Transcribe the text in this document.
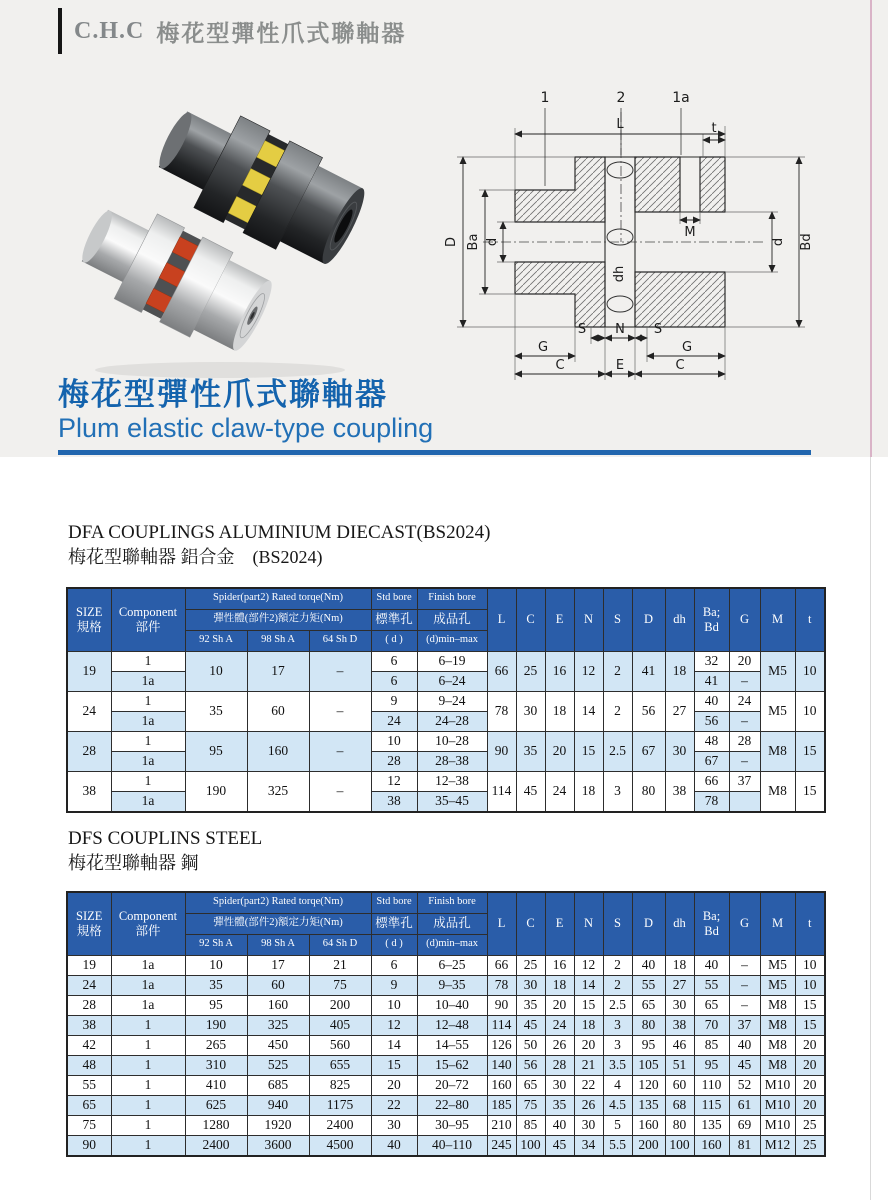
C.H.C 梅花型彈性爪式聯軸器
1	2	1a
L	t
D Ba d
M
dh
d Bd
S N S
G	G
C	E	C
梅花型彈性爪式聯軸器
Plum elastic claw-type coupling
DFA COUPLINGS ALUMINIUM DIECAST(BS2024)
梅花型聯軸器 鋁合金　(BS2024)
SIZE
規格	Component
部件	Spider(part2) Rated torqe(Nm)			Std bore	Finish bore	L	C	E	N	S	D	dh	Ba;
Bd	G	M	t
		彈性體(部件2)額定力矩(Nm)			標準孔	成品孔											
		92 Sh A	98 Sh A	64 Sh D	( d )	(d)min–max											
19	1	10	17	–	6	6–19	66	25	16	12	2	41	18	32	20	M5	10
	1a				6	6–24								41	–		
24	1	35	60	–	9	9–24	78	30	18	14	2	56	27	40	24	M5	10
	1a				24	24–28								56	–		
28	1	95	160	–	10	10–28	90	35	20	15	2.5	67	30	48	28	M8	15
	1a				28	28–38								67	–		
38	1	190	325	–	12	12–38	114	45	24	18	3	80	38	66	37	M8	15
	1a				38	35–45								78			
DFS COUPLINS STEEL
梅花型聯軸器 鋼
SIZE
規格	Component
部件	Spider(part2) Rated torqe(Nm)			Std bore	Finish bore	L	C	E	N	S	D	dh	Ba;
Bd	G	M	t
		彈性體(部件2)額定力矩(Nm)			標準孔	成品孔											
		92 Sh A	98 Sh A	64 Sh D	( d )	(d)min–max											
19	1a	10	17	21	6	6–25	66	25	16	12	2	40	18	40	–	M5	10
24	1a	35	60	75	9	9–35	78	30	18	14	2	55	27	55	–	M5	10
28	1a	95	160	200	10	10–40	90	35	20	15	2.5	65	30	65	–	M8	15
38	1	190	325	405	12	12–48	114	45	24	18	3	80	38	70	37	M8	15
42	1	265	450	560	14	14–55	126	50	26	20	3	95	46	85	40	M8	20
48	1	310	525	655	15	15–62	140	56	28	21	3.5	105	51	95	45	M8	20
55	1	410	685	825	20	20–72	160	65	30	22	4	120	60	110	52	M10	20
65	1	625	940	1175	22	22–80	185	75	35	26	4.5	135	68	115	61	M10	20
75	1	1280	1920	2400	30	30–95	210	85	40	30	5	160	80	135	69	M10	25
90	1	2400	3600	4500	40	40–110	245	100	45	34	5.5	200	100	160	81	M12	25
